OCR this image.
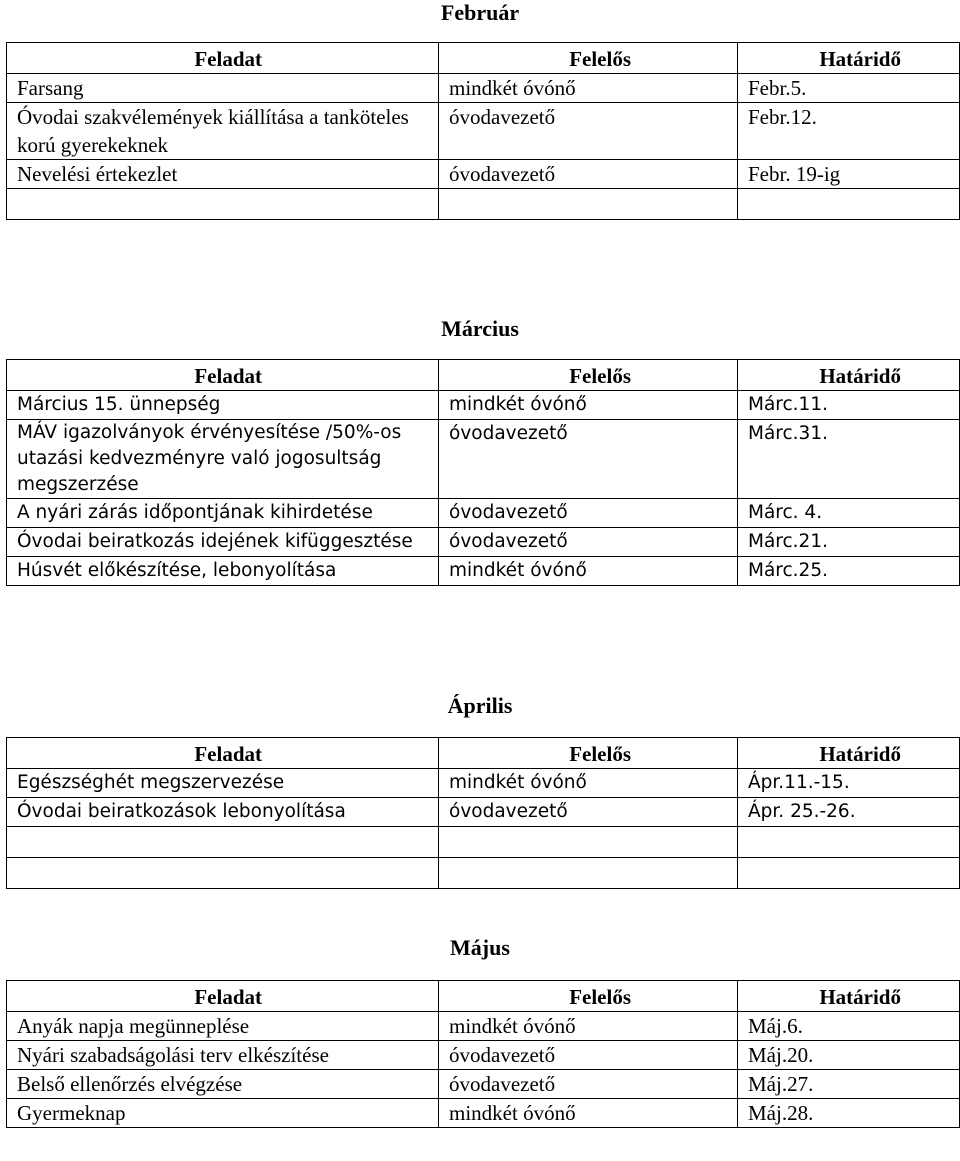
Február
Feladat	Felelős	Határidő
Farsang	mindkét óvónő	Febr.5.
Óvodai szakvélemények kiállítása a tanköteles korú gyerekeknek	óvodavezető	Febr.12.
Nevelési értekezlet	óvodavezető	Febr. 19-ig

Március
Feladat	Felelős	Határidő
Március 15. ünnepség	mindkét óvónő	Márc.11.
MÁV igazolványok érvényesítése /50%-os utazási kedvezményre való jogosultság megszerzése	óvodavezető	Márc.31.
A nyári zárás időpontjának kihirdetése	óvodavezető	Márc. 4.
Óvodai beiratkozás idejének kifüggesztése	óvodavezető	Márc.21.
Húsvét előkészítése, lebonyolítása	mindkét óvónő	Márc.25.
Április
Feladat	Felelős	Határidő
Egészséghét megszervezése	mindkét óvónő	Ápr.11.-15.
Óvodai beiratkozások lebonyolítása	óvodavezető	Ápr. 25.-26.

Május
Feladat	Felelős	Határidő
Anyák napja megünneplése	mindkét óvónő	Máj.6.
Nyári szabadságolási terv elkészítése	óvodavezető	Máj.20.
Belső ellenőrzés elvégzése	óvodavezető	Máj.27.
Gyermeknap	mindkét óvónő	Máj.28.
